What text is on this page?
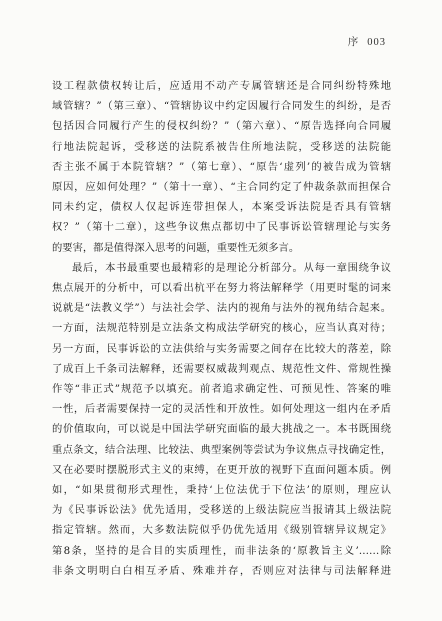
序 003
设工程款债权转让后，应适用不动产专属管辖还是合同纠纷特殊地
域管辖？”（第三章）、“管辖协议中约定因履行合同发生的纠纷，是否
包括因合同履行产生的侵权纠纷？”（第六章）、“原告选择向合同履
行地法院起诉，受移送的法院系被告住所地法院，受移送的法院能
否主张不属于本院管辖？”（第七章）、“原告‘虚列’的被告成为管辖
原因，应如何处理？”（第十一章）、“主合同约定了仲裁条款而担保合
同未约定，债权人仅起诉连带担保人，本案受诉法院是否具有管辖
权？”（第十二章），这些争议焦点都切中了民事诉讼管辖理论与实务
的要害，都是值得深入思考的问题，重要性无须多言。
最后，本书最重要也最精彩的是理论分析部分。从每一章围绕争议
焦点展开的分析中，可以看出杭平在努力将法解释学（用更时髦的词来
说就是“法教义学”）与法社会学、法内的视角与法外的视角结合起来。
一方面，法规范特别是立法条文构成法学研究的核心，应当认真对待；
另一方面，民事诉讼的立法供给与实务需要之间存在比较大的落差，除
了成百上千条司法解释，还需要权威裁判观点、规范性文件、常规性操
作等“非正式”规范予以填充。前者追求确定性、可预见性、答案的唯
一性，后者需要保持一定的灵活性和开放性。如何处理这一组内在矛盾
的价值取向，可以说是中国法学研究面临的最大挑战之一。本书既围绕
重点条文，结合法理、比较法、典型案例等尝试为争议焦点寻找确定性，
又在必要时摆脱形式主义的束缚，在更开放的视野下直面问题本质。例
如，“如果贯彻形式理性，秉持‘上位法优于下位法’的原则，理应认
为《民事诉讼法》优先适用，受移送的上级法院应当报请其上级法院
指定管辖。然而，大多数法院似乎仍优先适用《级别管辖异议规定》
第8条，坚持的是合目的实质理性，而非法条的‘原教旨主义’……除
非条文明明白白相互矛盾、殊难并存，否则应对法律与司法解释进
